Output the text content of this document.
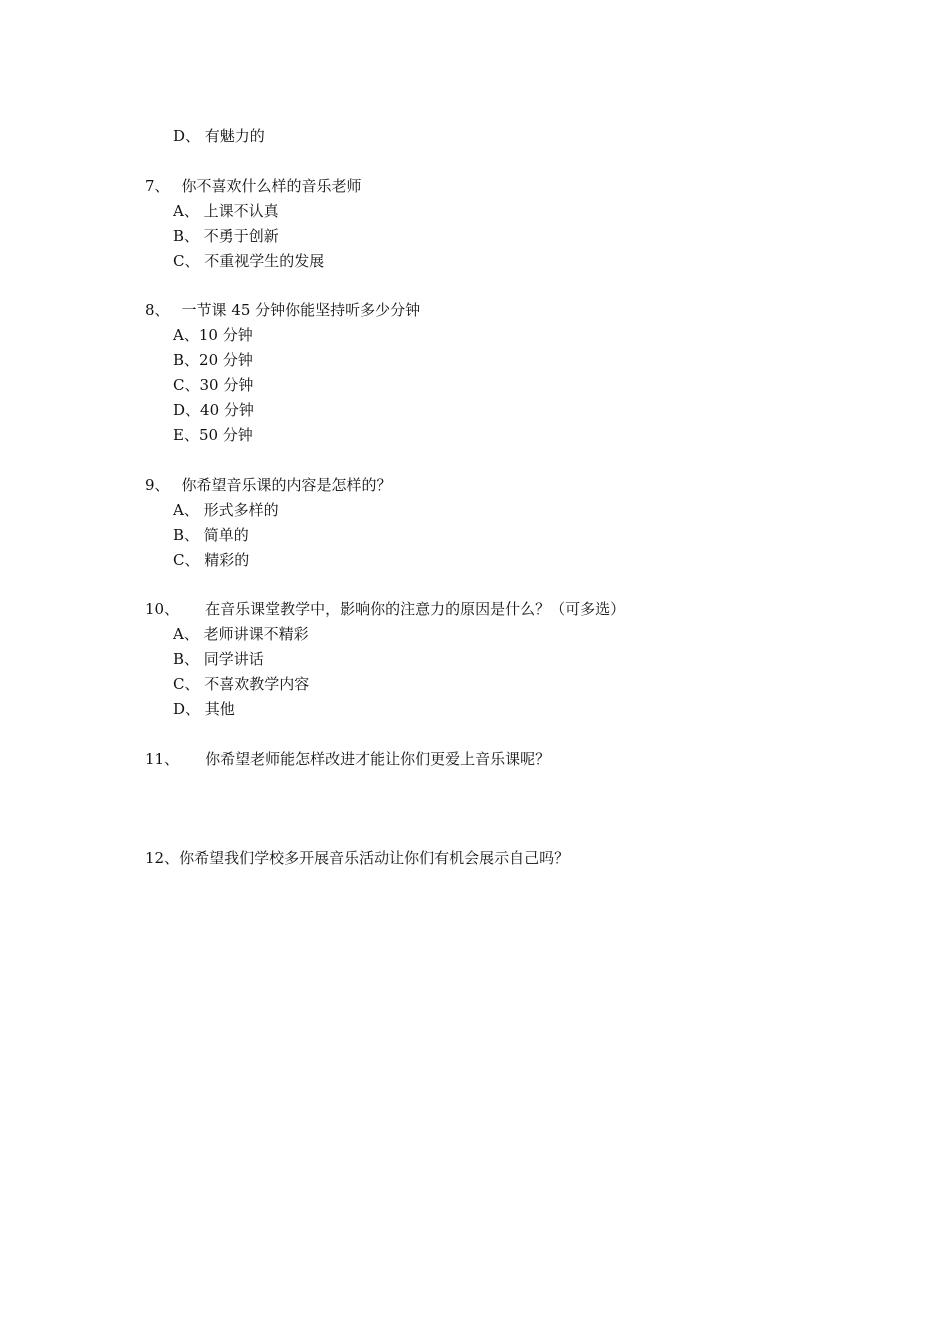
D、 有魅力的
7、 你不喜欢什么样的音乐老师
A、 上课不认真
B、 不勇于创新
C、 不重视学生的发展
8、 一节课 45 分钟你能坚持听多少分钟
A、10 分钟
B、20 分钟
C、30 分钟
D、40 分钟
E、50 分钟
9、 你希望音乐课的内容是怎样的？
A、 形式多样的
B、 简单的
C、 精彩的
10、 在音乐课堂教学中，影响你的注意力的原因是什么？（可多选）
A、 老师讲课不精彩
B、 同学讲话
C、 不喜欢教学内容
D、 其他
11、 你希望老师能怎样改进才能让你们更爱上音乐课呢？
12、你希望我们学校多开展音乐活动让你们有机会展示自己吗？
